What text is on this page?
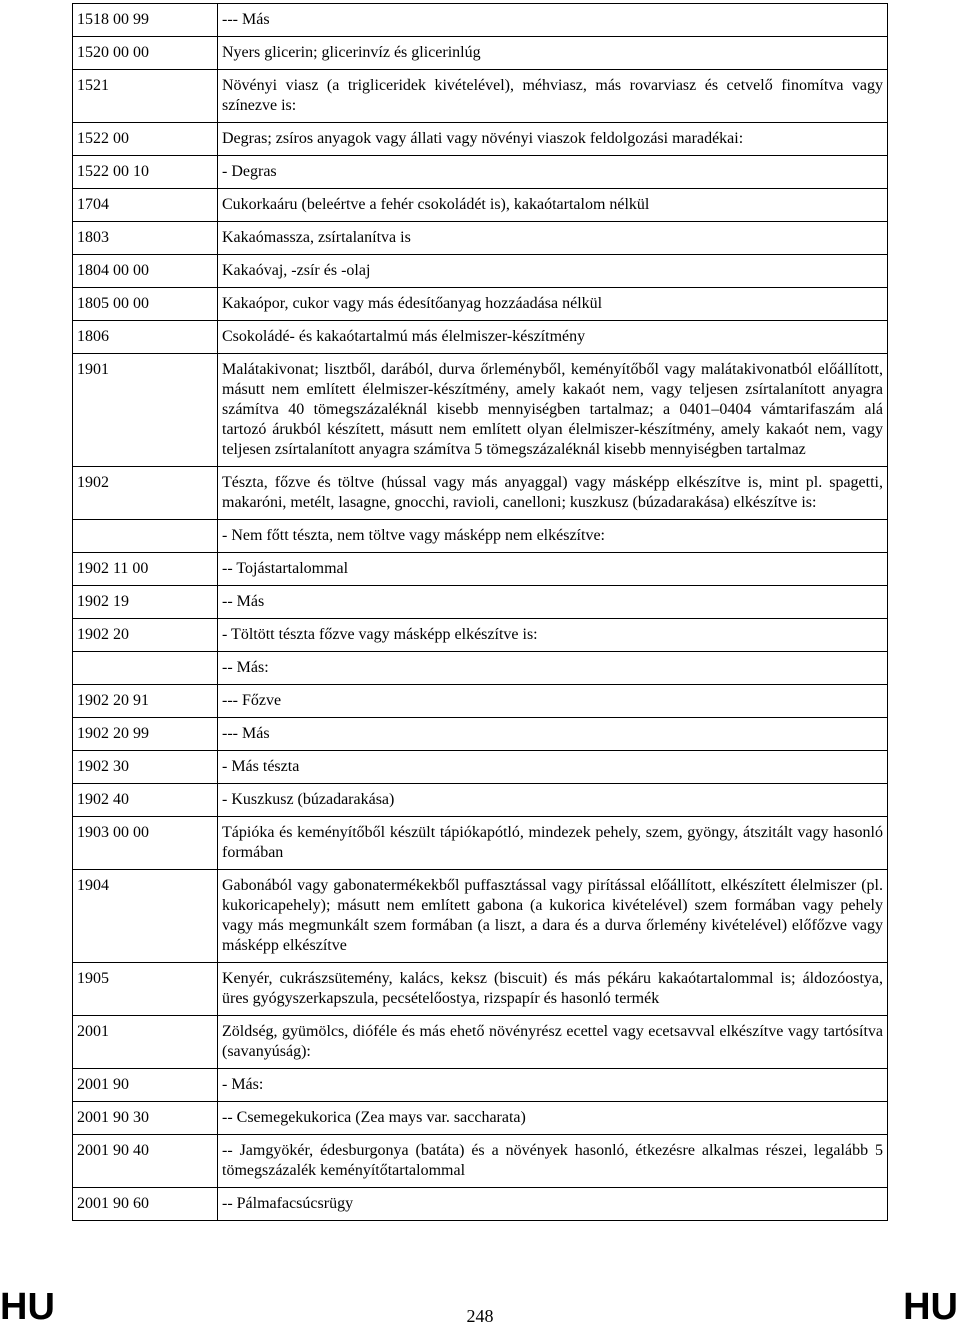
1518 00 99	--- Más
1520 00 00	Nyers glicerin; glicerinvíz és glicerinlúg
1521	Növényi viasz (a trigliceridek kivételével), méhviasz, más rovarviasz és cetvelő finomítva vagy színezve is:
1522 00	Degras; zsíros anyagok vagy állati vagy növényi viaszok feldolgozási maradékai:
1522 00 10	- Degras
1704	Cukorkaáru (beleértve a fehér csokoládét is), kakaótartalom nélkül
1803	Kakaómassza, zsírtalanítva is
1804 00 00	Kakaóvaj, -zsír és -olaj
1805 00 00	Kakaópor, cukor vagy más édesítőanyag hozzáadása nélkül
1806	Csokoládé- és kakaótartalmú más élelmiszer-készítmény
1901	Malátakivonat; lisztből, darából, durva őrleményből, keményítőből vagy malátakivonatból előállított, másutt nem említett élelmiszer-készítmény, amely kakaót nem, vagy teljesen zsírtalanított anyagra számítva 40 tömegszázaléknál kisebb mennyiségben tartalmaz; a 0401–0404 vámtarifaszám alá tartozó árukból készített, másutt nem említett olyan élelmiszer-készítmény, amely kakaót nem, vagy teljesen zsírtalanított anyagra számítva 5 tömegszázaléknál kisebb mennyiségben tartalmaz
1902	Tészta, főzve és töltve (hússal vagy más anyaggal) vagy másképp elkészítve is, mint pl. spagetti, makaróni, metélt, lasagne, gnocchi, ravioli, canelloni; kuszkusz (búzadarakása) elkészítve is:
	- Nem főtt tészta, nem töltve vagy másképp nem elkészítve:
1902 11 00	-- Tojástartalommal
1902 19	-- Más
1902 20	- Töltött tészta főzve vagy másképp elkészítve is:
	-- Más:
1902 20 91	--- Főzve
1902 20 99	--- Más
1902 30	- Más tészta
1902 40	- Kuszkusz (búzadarakása)
1903 00 00	Tápióka és keményítőből készült tápiókapótló, mindezek pehely, szem, gyöngy, átszitált vagy hasonló formában
1904	Gabonából vagy gabonatermékekből puffasztással vagy pirítással előállított, elkészített élelmiszer (pl. kukoricapehely); másutt nem említett gabona (a kukorica kivételével) szem formában vagy pehely vagy más megmunkált szem formában (a liszt, a dara és a durva őrlemény kivételével) előfőzve vagy másképp elkészítve
1905	Kenyér, cukrászsütemény, kalács, keksz (biscuit) és más pékáru kakaótartalommal is; áldozóostya, üres gyógyszerkapszula, pecsételőostya, rizspapír és hasonló termék
2001	Zöldség, gyümölcs, dióféle és más ehető növényrész ecettel vagy ecetsavval elkészítve vagy tartósítva (savanyúság):
2001 90	- Más:
2001 90 30	-- Csemegekukorica (Zea mays var. saccharata)
2001 90 40	-- Jamgyökér, édesburgonya (batáta) és a növények hasonló, étkezésre alkalmas részei, legalább 5 tömegszázalék keményítőtartalommal
2001 90 60	-- Pálmafacsúcsrügy
HU	248	HU
